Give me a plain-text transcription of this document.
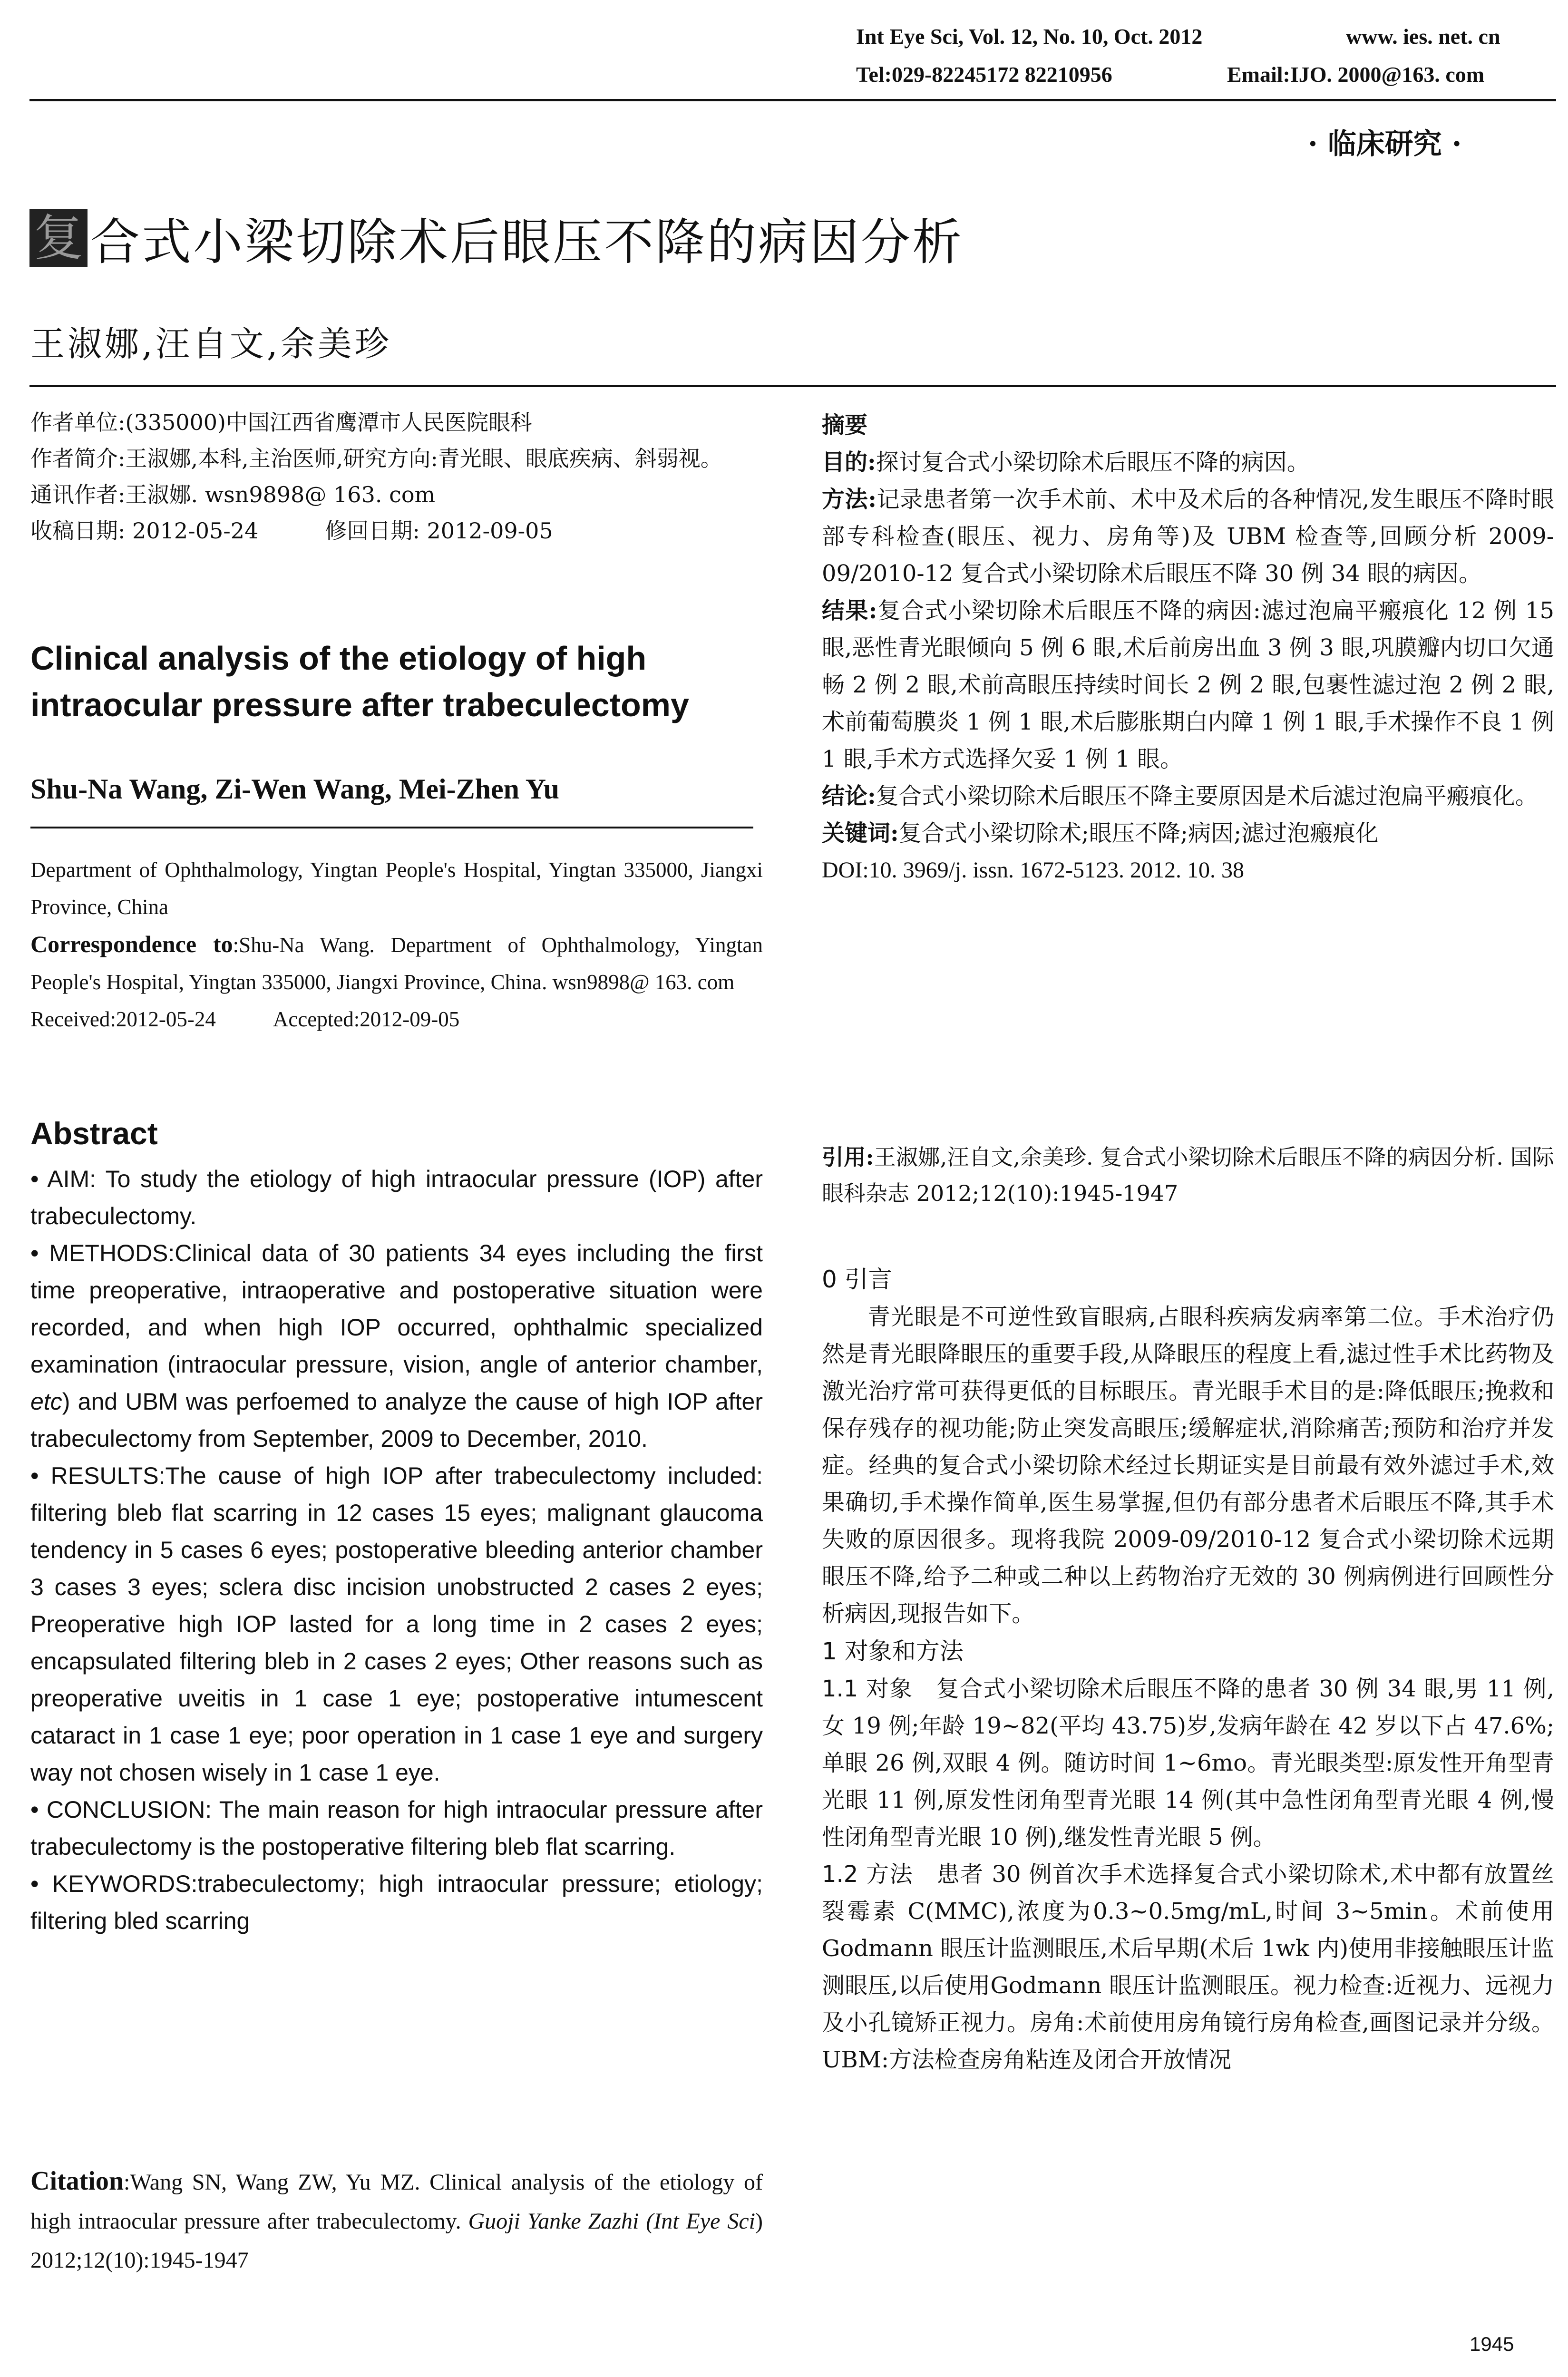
Int Eye Sci, Vol. 12, No. 10, Oct. 2012	www. ies. net. cn
Tel:029-82245172 82210956	Email:IJO. 2000@163. com
· 临床研究 ·
复 合式小梁切除术后眼压不降的病因分析
王淑娜,汪自文,余美珍

作者单位:(335000)中国江西省鹰潭市人民医院眼科

作者简介:王淑娜,本科,主治医师,研究方向:青光眼、眼底疾病、斜弱视。

通讯作者:王淑娜. wsn9898@ 163. com

收稿日期: 2012-05-24	修回日期: 2012-09-05

Clinical analysis of the etiology of high intraocular pressure after trabeculectomy
Shu-Na Wang, Zi-Wen Wang, Mei-Zhen Yu

Department of Ophthalmology, Yingtan People's Hospital, Yingtan 335000, Jiangxi Province, China

Correspondence to:Shu-Na Wang. Department of Ophthalmology, Yingtan People's Hospital, Yingtan 335000, Jiangxi Province, China. wsn9898@ 163. com

Received:2012-05-24	Accepted:2012-09-05

Abstract

• AIM: To study the etiology of high intraocular pressure (IOP) after trabeculectomy.

• METHODS:Clinical data of 30 patients 34 eyes including the first time preoperative, intraoperative and postoperative situation were recorded, and when high IOP occurred, ophthalmic specialized examination (intraocular pressure, vision, angle of anterior chamber, etc) and UBM was perfoemed to analyze the cause of high IOP after trabeculectomy from September, 2009 to December, 2010.

• RESULTS:The cause of high IOP after trabeculectomy included: filtering bleb flat scarring in 12 cases 15 eyes; malignant glaucoma tendency in 5 cases 6 eyes; postoperative bleeding anterior chamber 3 cases 3 eyes; sclera disc incision unobstructed 2 cases 2 eyes; Preoperative high IOP lasted for a long time in 2 cases 2 eyes; encapsulated filtering bleb in 2 cases 2 eyes; Other reasons such as preoperative uveitis in 1 case 1 eye; postoperative intumescent cataract in 1 case 1 eye; poor operation in 1 case 1 eye and surgery way not chosen wisely in 1 case 1 eye.

• CONCLUSION: The main reason for high intraocular pressure after trabeculectomy is the postoperative filtering bleb flat scarring.

• KEYWORDS:trabeculectomy; high intraocular pressure; etiology; filtering bled scarring

Citation:Wang SN, Wang ZW, Yu MZ. Clinical analysis of the etiology of high intraocular pressure after trabeculectomy. Guoji Yanke Zazhi (Int Eye Sci) 2012;12(10):1945-1947

摘要

目的:探讨复合式小梁切除术后眼压不降的病因。

方法:记录患者第一次手术前、术中及术后的各种情况,发生眼压不降时眼部专科检查(眼压、视力、房角等)及 UBM 检查等,回顾分析 2009-09/2010-12 复合式小梁切除术后眼压不降 30 例 34 眼的病因。

结果:复合式小梁切除术后眼压不降的病因:滤过泡扁平瘢痕化 12 例 15 眼,恶性青光眼倾向 5 例 6 眼,术后前房出血 3 例 3 眼,巩膜瓣内切口欠通畅 2 例 2 眼,术前高眼压持续时间长 2 例 2 眼,包裹性滤过泡 2 例 2 眼,术前葡萄膜炎 1 例 1 眼,术后膨胀期白内障 1 例 1 眼,手术操作不良 1 例 1 眼,手术方式选择欠妥 1 例 1 眼。

结论:复合式小梁切除术后眼压不降主要原因是术后滤过泡扁平瘢痕化。

关键词:复合式小梁切除术;眼压不降;病因;滤过泡瘢痕化

DOI:10. 3969/j. issn. 1672-5123. 2012. 10. 38

引用:王淑娜,汪自文,余美珍. 复合式小梁切除术后眼压不降的病因分析. 国际眼科杂志 2012;12(10):1945-1947

0 引言

青光眼是不可逆性致盲眼病,占眼科疾病发病率第二位。手术治疗仍然是青光眼降眼压的重要手段,从降眼压的程度上看,滤过性手术比药物及激光治疗常可获得更低的目标眼压。青光眼手术目的是:降低眼压;挽救和保存残存的视功能;防止突发高眼压;缓解症状,消除痛苦;预防和治疗并发症。经典的复合式小梁切除术经过长期证实是目前最有效外滤过手术,效果确切,手术操作简单,医生易掌握,但仍有部分患者术后眼压不降,其手术失败的原因很多。现将我院 2009-09/2010-12 复合式小梁切除术远期眼压不降,给予二种或二种以上药物治疗无效的 30 例病例进行回顾性分析病因,现报告如下。

1 对象和方法

1.1 对象　 复合式小梁切除术后眼压不降的患者 30 例 34 眼,男 11 例,女 19 例;年龄 19~82(平均 43.75)岁,发病年龄在 42 岁以下占 47.6%;单眼 26 例,双眼 4 例。随访时间 1~6mo。青光眼类型:原发性开角型青光眼 11 例,原发性闭角型青光眼 14 例(其中急性闭角型青光眼 4 例,慢性闭角型青光眼 10 例),继发性青光眼 5 例。

1.2 方法　 患者 30 例首次手术选择复合式小梁切除术,术中都有放置丝裂霉素 C(MMC),浓度为0.3~0.5mg/mL,时间 3~5min。术前使用 Godmann 眼压计监测眼压,术后早期(术后 1wk 内)使用非接触眼压计监测眼压,以后使用Godmann 眼压计监测眼压。视力检查:近视力、远视力及小孔镜矫正视力。房角:术前使用房角镜行房角检查,画图记录并分级。UBM:方法检查房角粘连及闭合开放情况

1945
